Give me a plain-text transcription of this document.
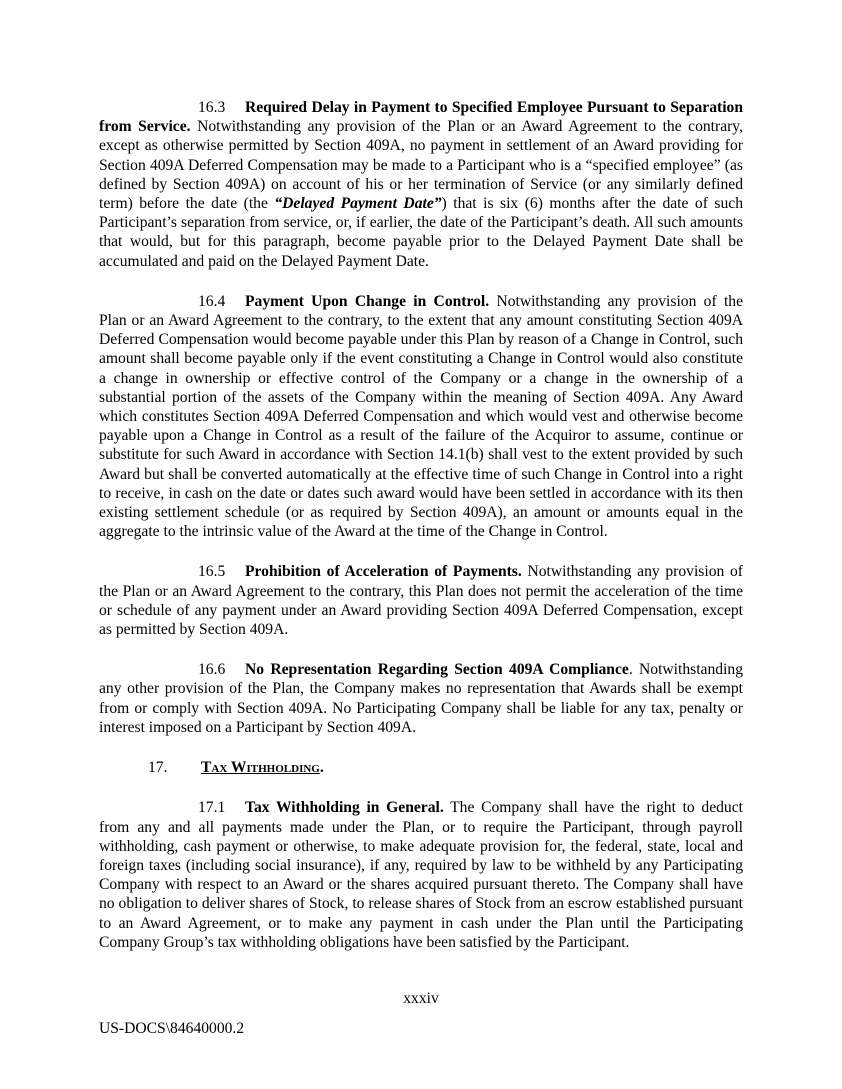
16.3 Required Delay in Payment to Specified Employee Pursuant to Separation from Service. Notwithstanding any provision of the Plan or an Award Agreement to the contrary, except as otherwise permitted by Section 409A, no payment in settlement of an Award providing for Section 409A Deferred Compensation may be made to a Participant who is a “specified employee” (as defined by Section 409A) on account of his or her termination of Service (or any similarly defined term) before the date (the “Delayed Payment Date”) that is six (6) months after the date of such Participant’s separation from service, or, if earlier, the date of the Participant’s death. All such amounts that would, but for this paragraph, become payable prior to the Delayed Payment Date shall be accumulated and paid on the Delayed Payment Date.

16.4 Payment Upon Change in Control. Notwithstanding any provision of the Plan or an Award Agreement to the contrary, to the extent that any amount constituting Section 409A Deferred Compensation would become payable under this Plan by reason of a Change in Control, such amount shall become payable only if the event constituting a Change in Control would also constitute a change in ownership or effective control of the Company or a change in the ownership of a substantial portion of the assets of the Company within the meaning of Section 409A. Any Award which constitutes Section 409A Deferred Compensation and which would vest and otherwise become payable upon a Change in Control as a result of the failure of the Acquiror to assume, continue or substitute for such Award in accordance with Section 14.1(b) shall vest to the extent provided by such Award but shall be converted automatically at the effective time of such Change in Control into a right to receive, in cash on the date or dates such award would have been settled in accordance with its then existing settlement schedule (or as required by Section 409A), an amount or amounts equal in the aggregate to the intrinsic value of the Award at the time of the Change in Control.

16.5 Prohibition of Acceleration of Payments. Notwithstanding any provision of the Plan or an Award Agreement to the contrary, this Plan does not permit the acceleration of the time or schedule of any payment under an Award providing Section 409A Deferred Compensation, except as permitted by Section 409A.

16.6 No Representation Regarding Section 409A Compliance. Notwithstanding any other provision of the Plan, the Company makes no representation that Awards shall be exempt from or comply with Section 409A. No Participating Company shall be liable for any tax, penalty or interest imposed on a Participant by Section 409A.

17. Tax Withholding.

17.1 Tax Withholding in General. The Company shall have the right to deduct from any and all payments made under the Plan, or to require the Participant, through payroll withholding, cash payment or otherwise, to make adequate provision for, the federal, state, local and foreign taxes (including social insurance), if any, required by law to be withheld by any Participating Company with respect to an Award or the shares acquired pursuant thereto. The Company shall have no obligation to deliver shares of Stock, to release shares of Stock from an escrow established pursuant to an Award Agreement, or to make any payment in cash under the Plan until the Participating Company Group’s tax withholding obligations have been satisfied by the Participant.

xxxiv
US-DOCS\84640000.2
